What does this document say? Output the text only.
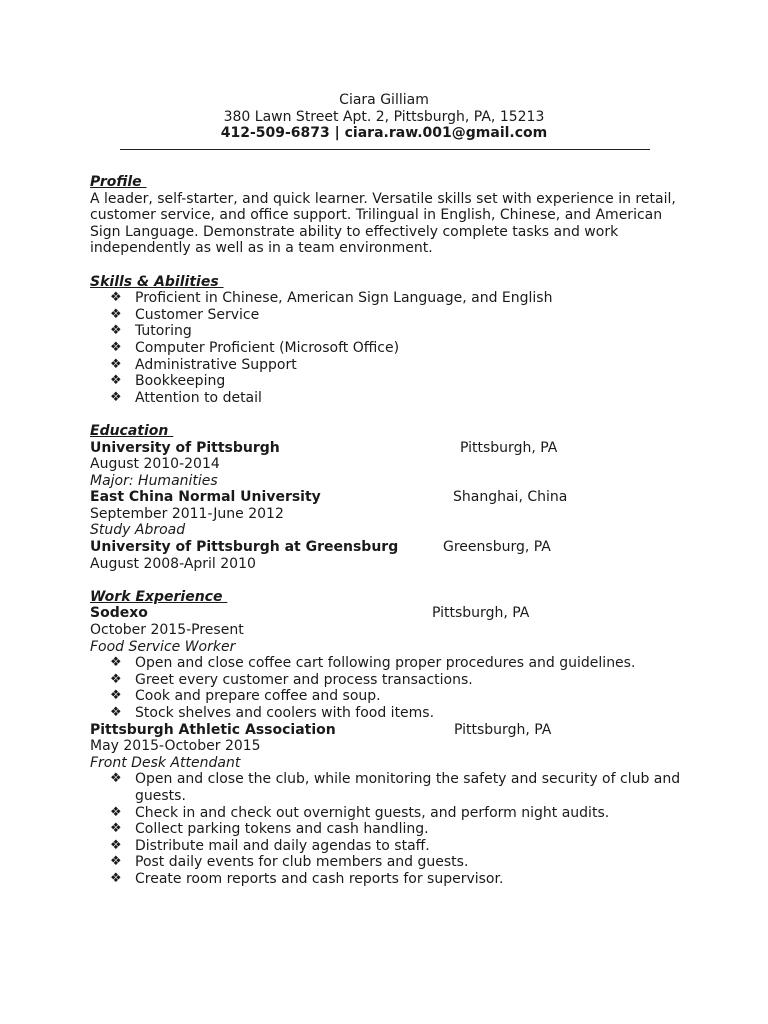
Ciara Gilliam
380 Lawn Street Apt. 2, Pittsburgh, PA, 15213
412-509-6873 | ciara.raw.001@gmail.com
Profile

A leader, self-starter, and quick learner. Versatile skills set with experience in retail, customer service, and office support. Trilingual in English, Chinese, and American Sign Language. Demonstrate ability to effectively complete tasks and work independently as well as in a team environment.

Skills & Abilities
❖ Proficient in Chinese, American Sign Language, and English
❖ Customer Service
❖ Tutoring
❖ Computer Proficient (Microsoft Office)
❖ Administrative Support
❖ Bookkeeping
❖ Attention to detail
Education
University of Pittsburgh	Pittsburgh, PA
August 2010-2014
Major: Humanities
East China Normal University	Shanghai, China
September 2011-June 2012
Study Abroad
University of Pittsburgh at Greensburg	Greensburg, PA
August 2008-April 2010
Work Experience
Sodexo	Pittsburgh, PA
October 2015-Present
Food Service Worker
❖ Open and close coffee cart following proper procedures and guidelines.
❖ Greet every customer and process transactions.
❖ Cook and prepare coffee and soup.
❖ Stock shelves and coolers with food items.
Pittsburgh Athletic Association	Pittsburgh, PA
May 2015-October 2015
Front Desk Attendant
❖ Open and close the club, while monitoring the safety and security of club and guests.
❖ Check in and check out overnight guests, and perform night audits.
❖ Collect parking tokens and cash handling.
❖ Distribute mail and daily agendas to staff.
❖ Post daily events for club members and guests.
❖ Create room reports and cash reports for supervisor.
